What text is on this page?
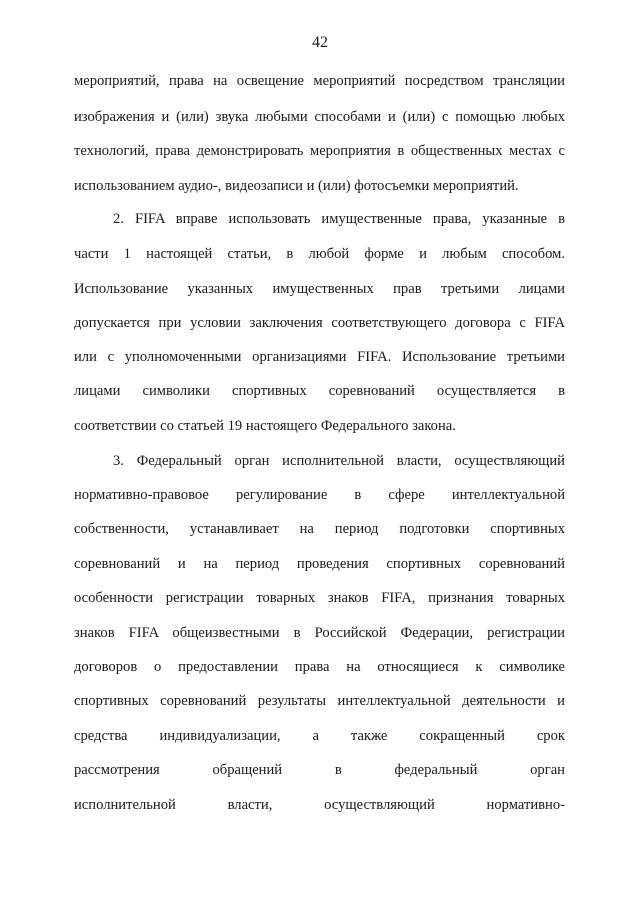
42
мероприятий, права на освещение мероприятий посредством трансляции
изображения и (или) звука любыми способами и (или) с помощью любых
технологий, права демонстрировать мероприятия в общественных местах с
использованием аудио-, видеозаписи и (или) фотосъемки мероприятий.
2. FIFA вправе использовать имущественные права, указанные в
части 1 настоящей статьи, в любой форме и любым способом.
Использование указанных имущественных прав третьими лицами
допускается при условии заключения соответствующего договора с FIFA
или с уполномоченными организациями FIFA. Использование третьими
лицами символики спортивных соревнований осуществляется в
соответствии со статьей 19 настоящего Федерального закона.
3. Федеральный орган исполнительной власти, осуществляющий
нормативно-правовое регулирование в сфере интеллектуальной
собственности, устанавливает на период подготовки спортивных
соревнований и на период проведения спортивных соревнований
особенности регистрации товарных знаков FIFA, признания товарных
знаков FIFA общеизвестными в Российской Федерации, регистрации
договоров о предоставлении права на относящиеся к символике
спортивных соревнований результаты интеллектуальной деятельности и
средства индивидуализации, а также сокращенный срок
рассмотрения обращений в федеральный орган
исполнительной власти, осуществляющий нормативно-
